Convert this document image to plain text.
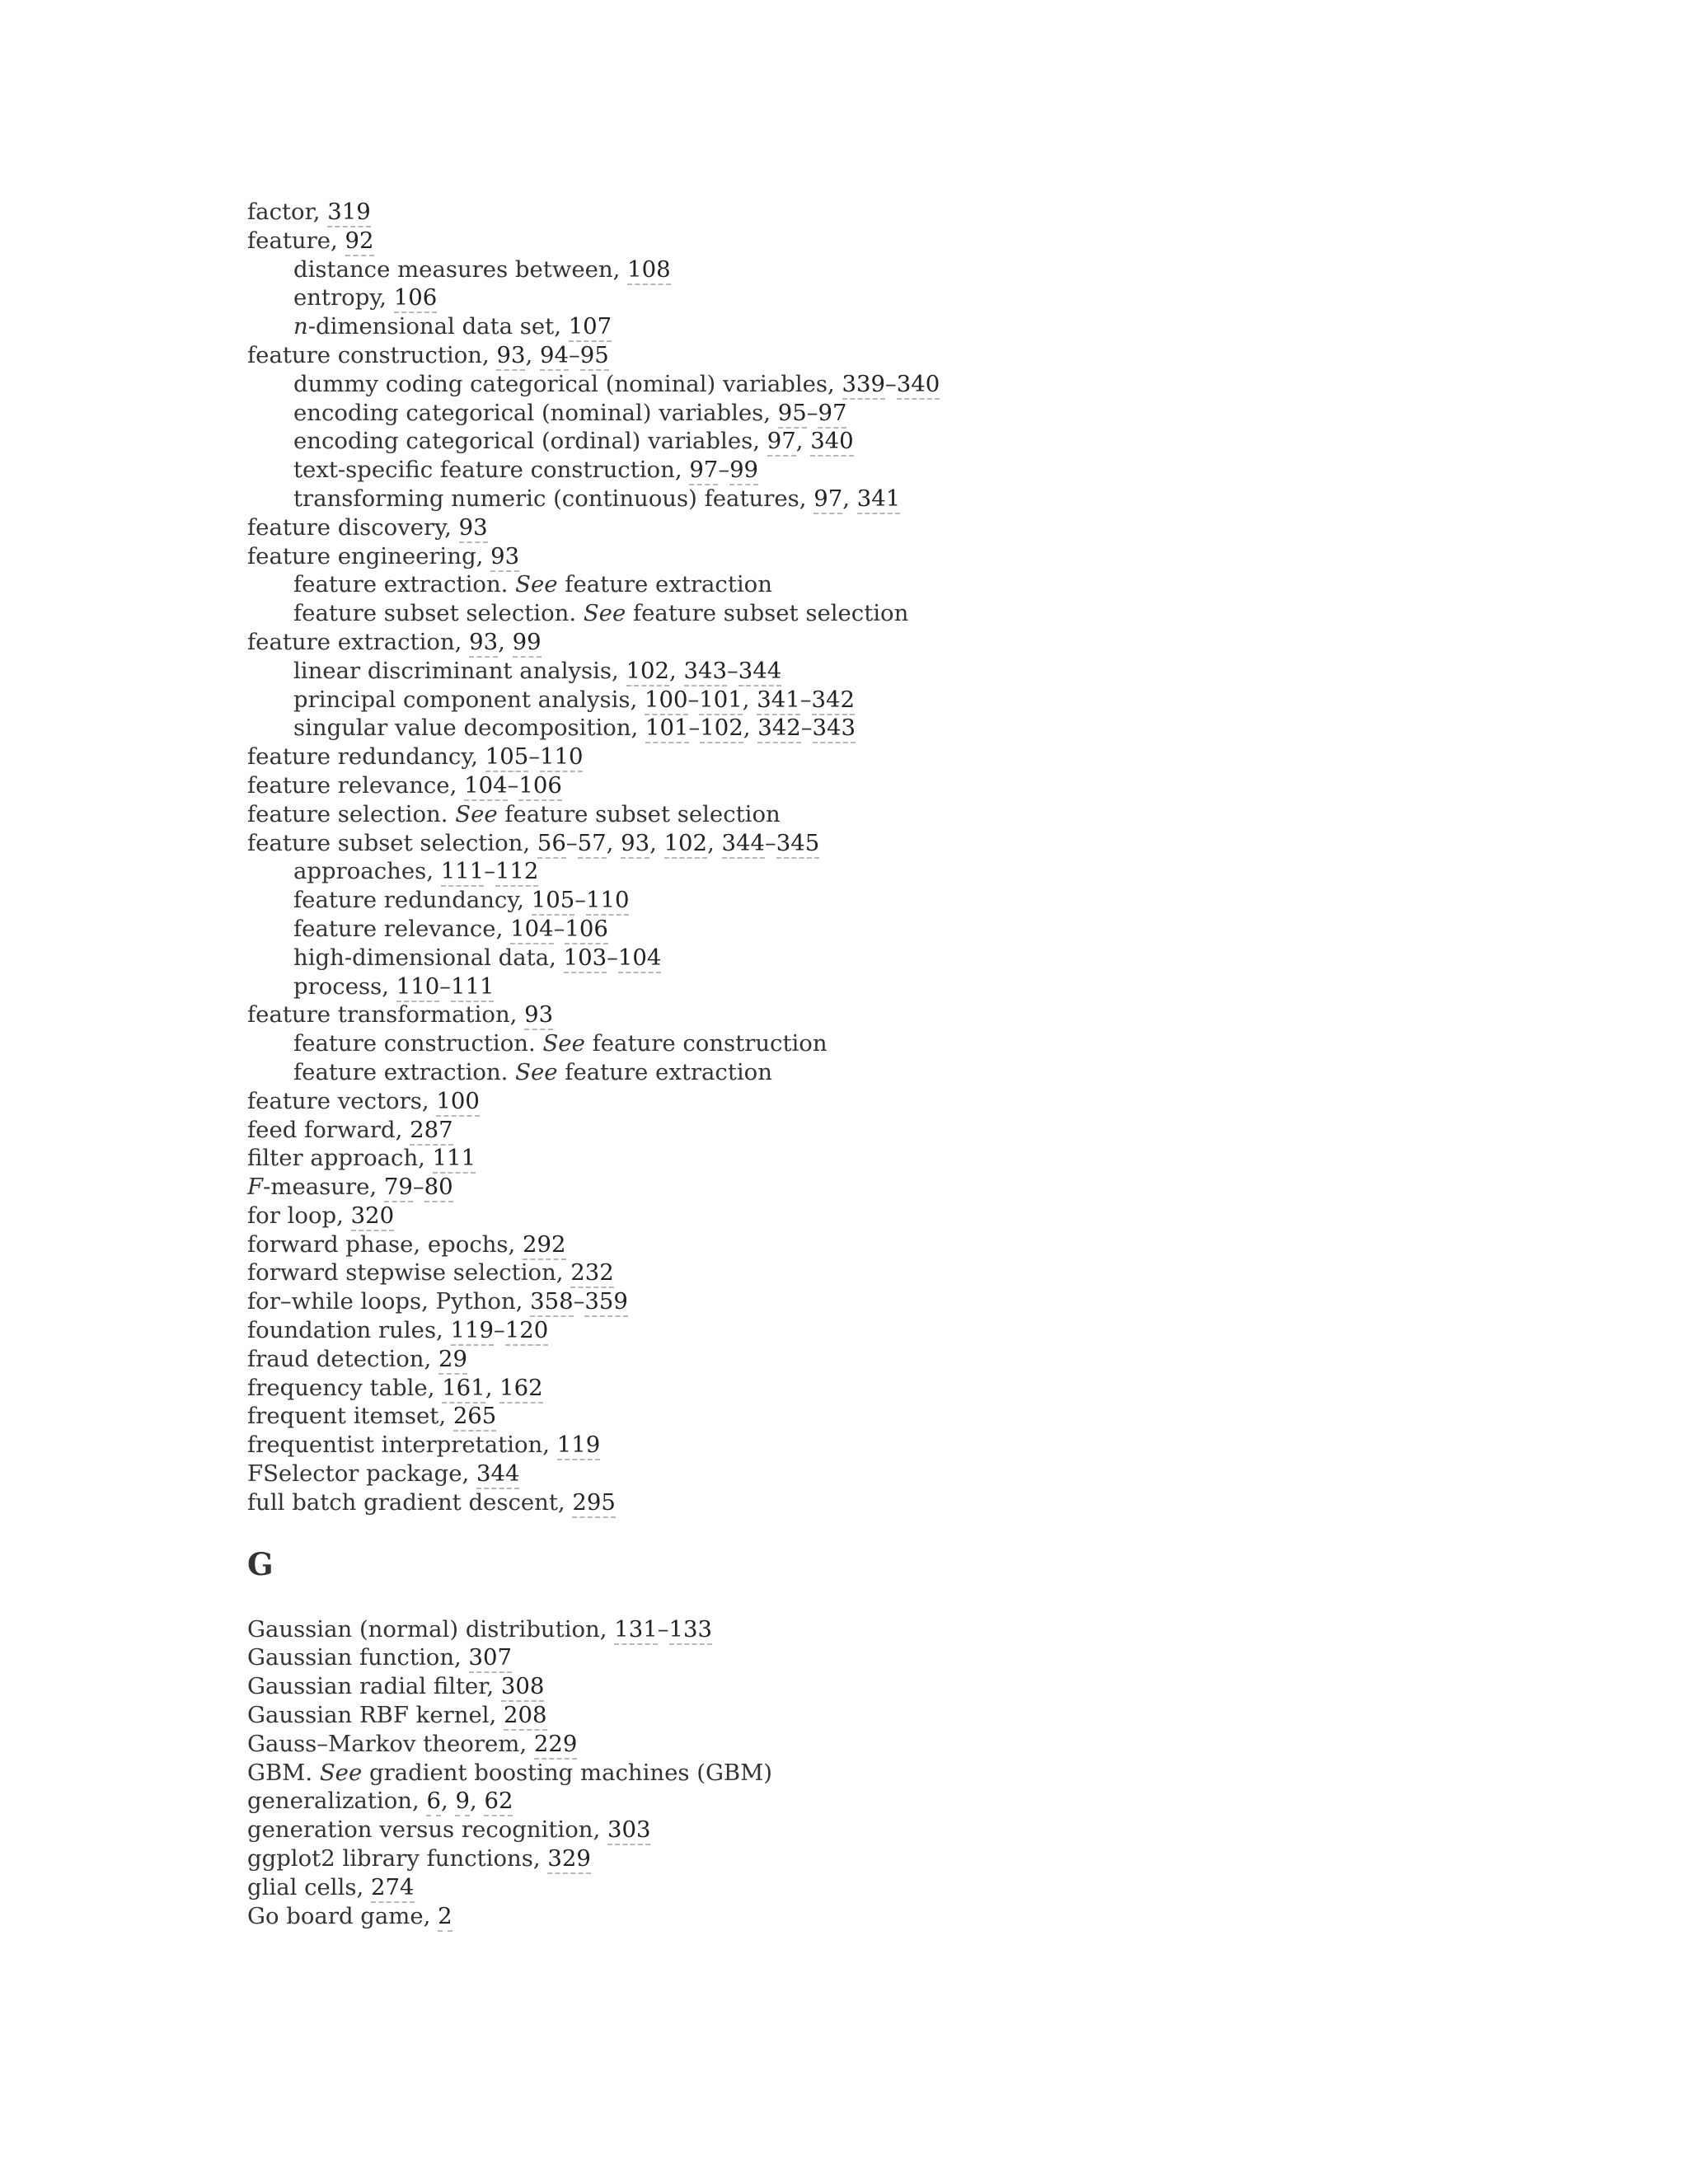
factor, 319
feature, 92
distance measures between, 108
entropy, 106
n-dimensional data set, 107
feature construction, 93, 94–95
dummy coding categorical (nominal) variables, 339–340
encoding categorical (nominal) variables, 95–97
encoding categorical (ordinal) variables, 97, 340
text-specific feature construction, 97–99
transforming numeric (continuous) features, 97, 341
feature discovery, 93
feature engineering, 93
feature extraction. See feature extraction
feature subset selection. See feature subset selection
feature extraction, 93, 99
linear discriminant analysis, 102, 343–344
principal component analysis, 100–101, 341–342
singular value decomposition, 101–102, 342–343
feature redundancy, 105–110
feature relevance, 104–106
feature selection. See feature subset selection
feature subset selection, 56–57, 93, 102, 344–345
approaches, 111–112
feature redundancy, 105–110
feature relevance, 104–106
high-dimensional data, 103–104
process, 110–111
feature transformation, 93
feature construction. See feature construction
feature extraction. See feature extraction
feature vectors, 100
feed forward, 287
filter approach, 111
F-measure, 79–80
for loop, 320
forward phase, epochs, 292
forward stepwise selection, 232
for–while loops, Python, 358–359
foundation rules, 119–120
fraud detection, 29
frequency table, 161, 162
frequent itemset, 265
frequentist interpretation, 119
FSelector package, 344
full batch gradient descent, 295
G
Gaussian (normal) distribution, 131–133
Gaussian function, 307
Gaussian radial filter, 308
Gaussian RBF kernel, 208
Gauss–Markov theorem, 229
GBM. See gradient boosting machines (GBM)
generalization, 6, 9, 62
generation versus recognition, 303
ggplot2 library functions, 329
glial cells, 274
Go board game, 2
